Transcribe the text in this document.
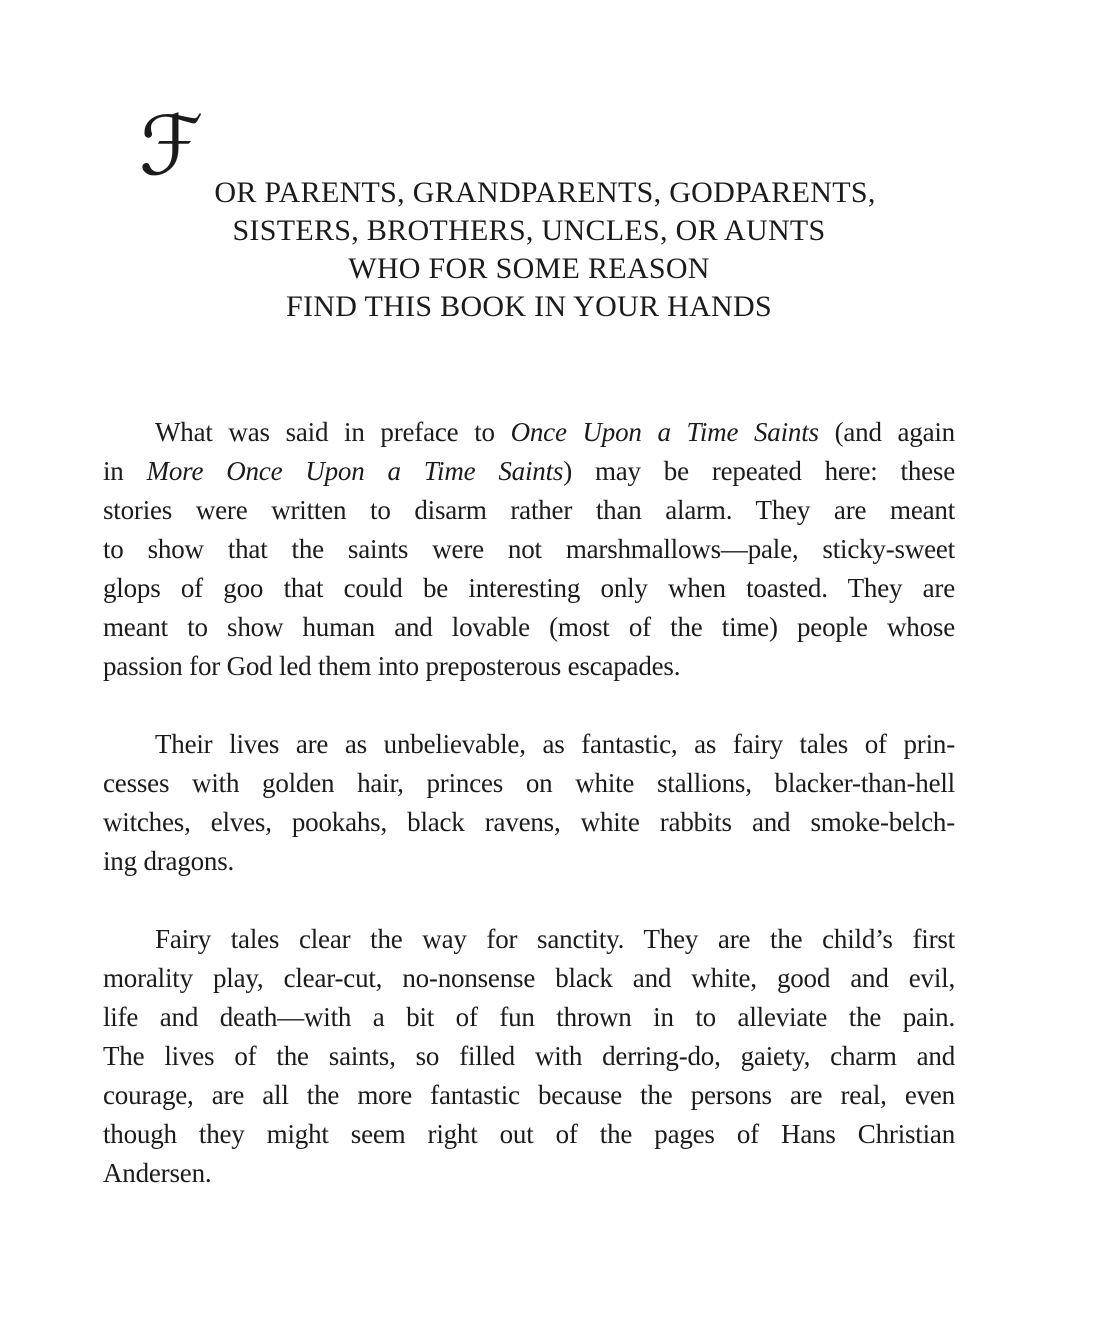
ℱ OR PARENTS, GRANDPARENTS, GODPARENTS,
SISTERS, BROTHERS, UNCLES, OR AUNTS
WHO FOR SOME REASON
FIND THIS BOOK IN YOUR HANDS
What was said in preface to Once Upon a Time Saints (and again
in More Once Upon a Time Saints) may be repeated here: these
stories were written to disarm rather than alarm. They are meant
to show that the saints were not marshmallows—pale, sticky-sweet
glops of goo that could be interesting only when toasted. They are
meant to show human and lovable (most of the time) people whose
passion for God led them into preposterous escapades.
Their lives are as unbelievable, as fantastic, as fairy tales of prin-
cesses with golden hair, princes on white stallions, blacker-than-hell
witches, elves, pookahs, black ravens, white rabbits and smoke-belch-
ing dragons.
Fairy tales clear the way for sanctity. They are the child’s first
morality play, clear-cut, no-nonsense black and white, good and evil,
life and death—with a bit of fun thrown in to alleviate the pain.
The lives of the saints, so filled with derring-do, gaiety, charm and
courage, are all the more fantastic because the persons are real, even
though they might seem right out of the pages of Hans Christian
Andersen.
